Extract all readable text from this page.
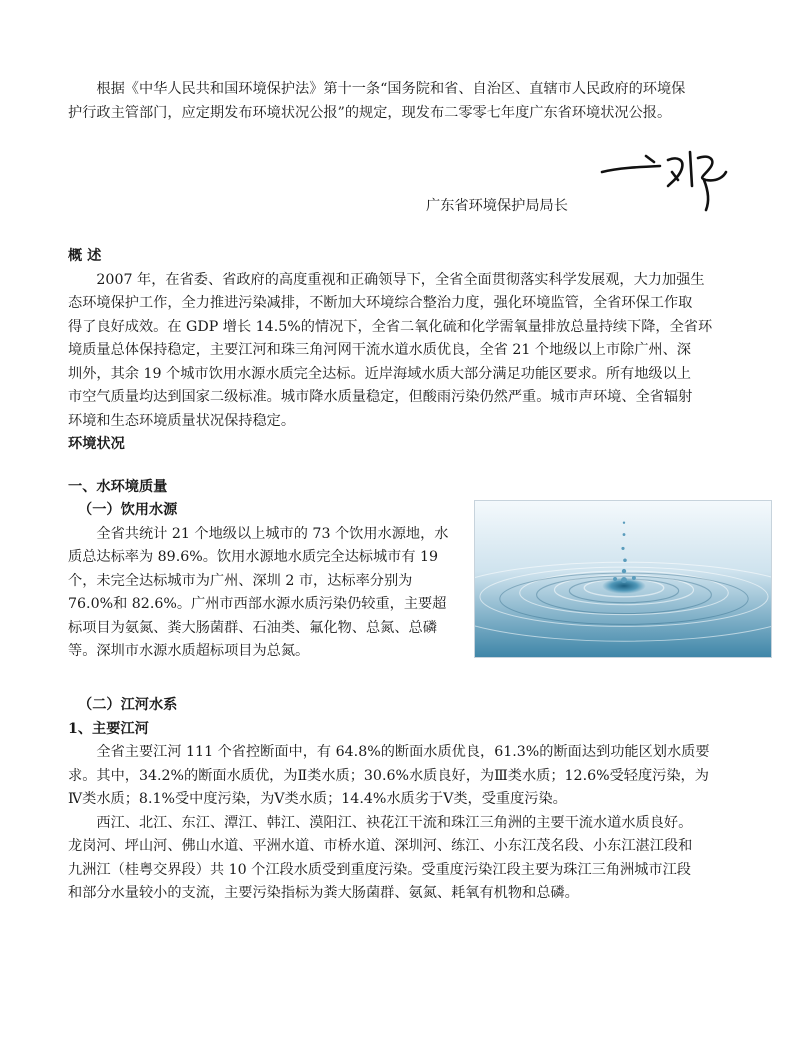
根据《中华人民共和国环境保护法》第十一条“国务院和省、自治区、直辖市人民政府的环境保

护行政主管部门，应定期发布环境状况公报”的规定，现发布二零零七年度广东省环境状况公报。

广东省环境保护局局长

概 述

2007 年，在省委、省政府的高度重视和正确领导下，全省全面贯彻落实科学发展观，大力加强生

态环境保护工作，全力推进污染减排，不断加大环境综合整治力度，强化环境监管，全省环保工作取

得了良好成效。在 GDP 增长 14.5%的情况下，全省二氧化硫和化学需氧量排放总量持续下降，全省环

境质量总体保持稳定，主要江河和珠三角河网干流水道水质优良，全省 21 个地级以上市除广州、深

圳外，其余 19 个城市饮用水源水质完全达标。近岸海域水质大部分满足功能区要求。所有地级以上

市空气质量均达到国家二级标准。城市降水质量稳定，但酸雨污染仍然严重。城市声环境、全省辐射

环境和生态环境质量状况保持稳定。

环境状况

一、水环境质量

（一）饮用水源

全省共统计 21 个地级以上城市的 73 个饮用水源地，水

质总达标率为 89.6%。饮用水源地水质完全达标城市有 19

个，未完全达标城市为广州、深圳 2 市，达标率分别为

76.0%和 82.6%。广州市西部水源水质污染仍较重，主要超

标项目为氨氮、粪大肠菌群、石油类、氟化物、总氮、总磷

等。深圳市水源水质超标项目为总氮。

（二）江河水系

1、主要江河

全省主要江河 111 个省控断面中，有 64.8%的断面水质优良，61.3%的断面达到功能区划水质要

求。其中，34.2%的断面水质优，为Ⅱ类水质；30.6%水质良好，为Ⅲ类水质；12.6%受轻度污染，为

Ⅳ类水质；8.1%受中度污染，为Ⅴ类水质；14.4%水质劣于Ⅴ类，受重度污染。

西江、北江、东江、潭江、韩江、漠阳江、袂花江干流和珠江三角洲的主要干流水道水质良好。

龙岗河、坪山河、佛山水道、平洲水道、市桥水道、深圳河、练江、小东江茂名段、小东江湛江段和

九洲江（桂粤交界段）共 10 个江段水质受到重度污染。受重度污染江段主要为珠江三角洲城市江段

和部分水量较小的支流，主要污染指标为粪大肠菌群、氨氮、耗氧有机物和总磷。
